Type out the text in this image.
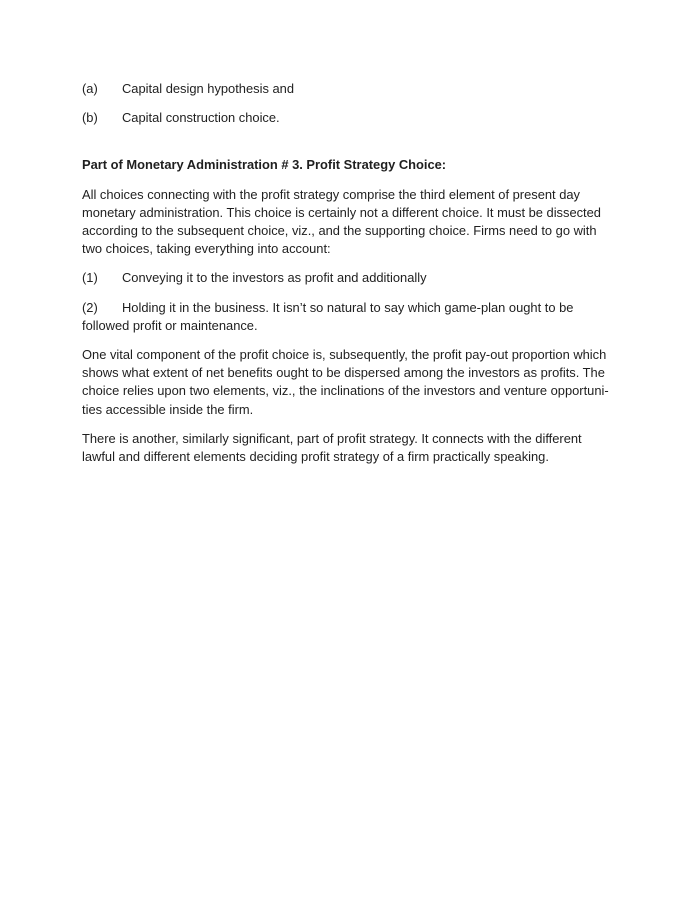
(a) Capital design hypothesis and

(b) Capital construction choice.

Part of Monetary Administration # 3. Profit Strategy Choice:

All choices connecting with the profit strategy comprise the third element of present day monetary administration. This choice is certainly not a different choice. It must be dissected according to the subsequent choice, viz., and the supporting choice. Firms need to go with two choices, taking everything into account:

(1) Conveying it to the investors as profit and additionally

(2) Holding it in the business. It isn’t so natural to say which game-plan ought to be followed profit or maintenance.

One vital component of the profit choice is, subsequently, the profit pay-out proportion which shows what extent of net benefits ought to be dispersed among the investors as profits. The choice relies upon two elements, viz., the inclinations of the investors and venture opportuni-ties accessible inside the firm.

There is another, similarly significant, part of profit strategy. It connects with the different lawful and different elements deciding profit strategy of a firm practically speaking.
